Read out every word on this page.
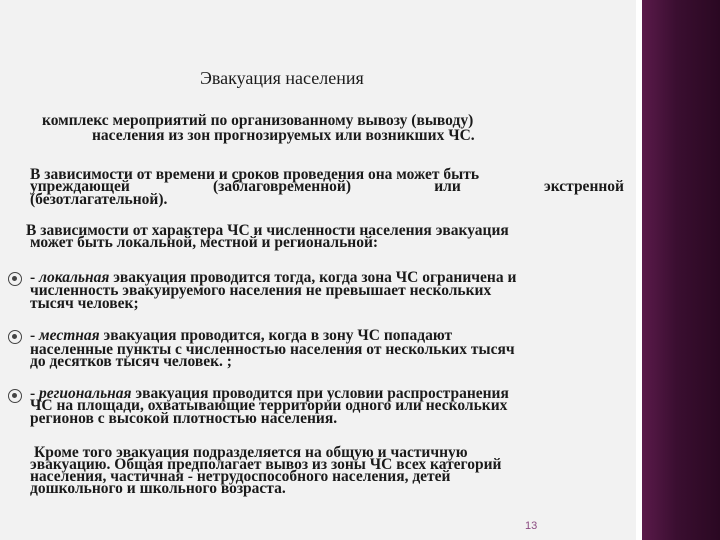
Эвакуация населения
комплекс мероприятий по организованному вывозу (выводу)
населения из зон прогнозируемых или возникших ЧС.
В зависимости от времени и сроков проведения она может быть
упреждающей	(заблаговременной)	или	экстренной
(безотлагательной).
В зависимости от характера ЧС и численности населения эвакуация
может быть локальной, местной и региональной:
- локальная эвакуация проводится тогда, когда зона ЧС ограничена и
численность эвакуируемого населения не превышает нескольких
тысяч человек;
- местная эвакуация проводится, когда в зону ЧС попадают
населенные пункты с численностью населения от нескольких тысяч
до десятков тысяч человек. ;
- региональная эвакуация проводится при условии распространения
ЧС на площади, охватывающие территории одного или нескольких
регионов с высокой плотностью населения.
Кроме того эвакуация подразделяется на общую и частичную
эвакуацию. Общая предполагает вывоз из зоны ЧС всех категорий
населения, частичная - нетрудоспособного населения, детей
дошкольного и школьного возраста.
13
